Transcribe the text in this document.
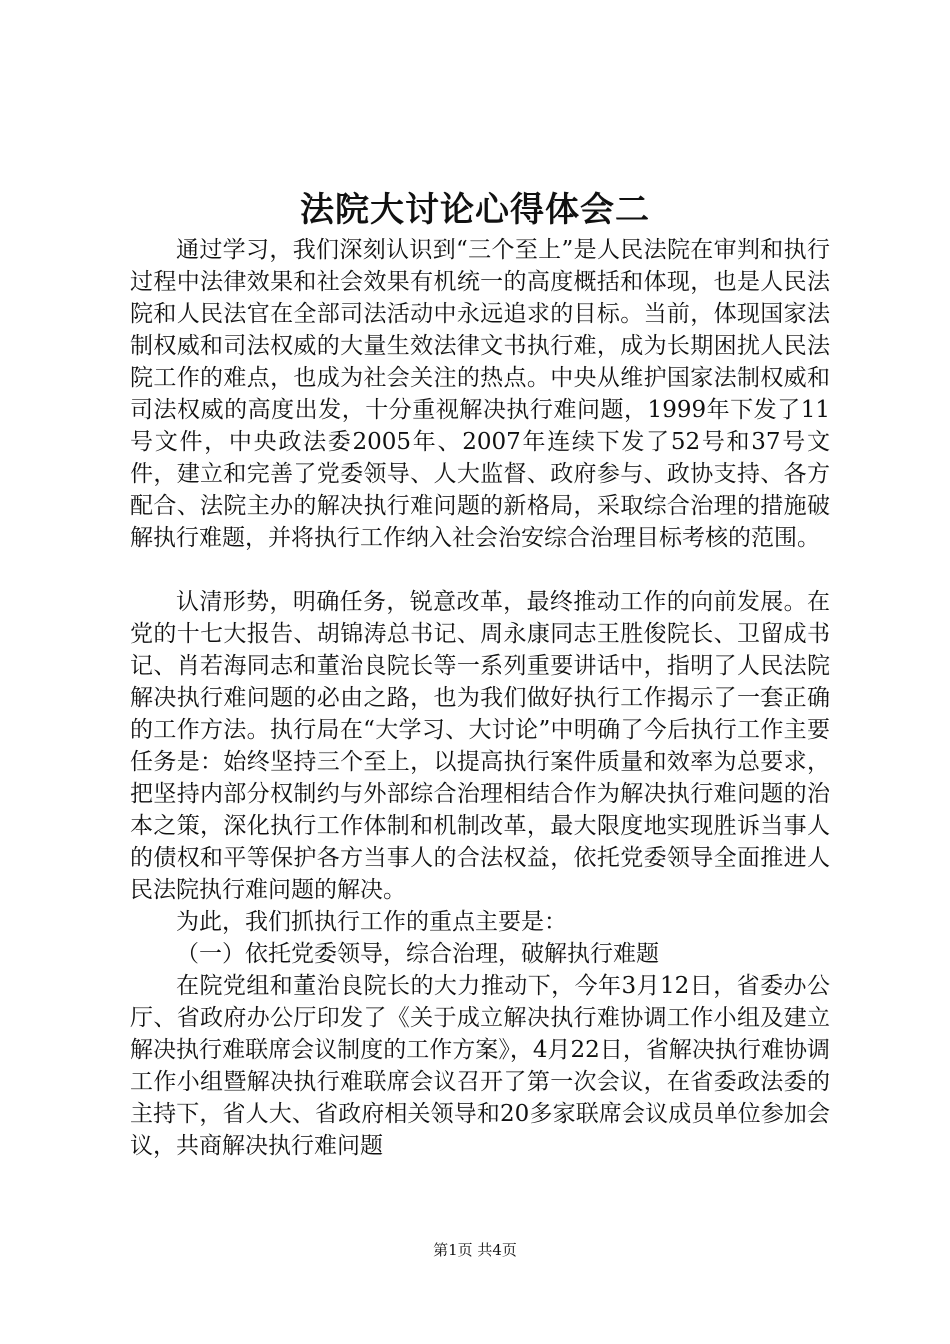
法院大讨论心得体会二

通过学习，我们深刻认识到“三个至上”是人民法院在审判和执行过程中法律效果和社会效果有机统一的高度概括和体现，也是人民法院和人民法官在全部司法活动中永远追求的目标。当前，体现国家法制权威和司法权威的大量生效法律文书执行难，成为长期困扰人民法院工作的难点，也成为社会关注的热点。中央从维护国家法制权威和司法权威的高度出发，十分重视解决执行难问题，1999年下发了11号文件，中央政法委2005年、2007年连续下发了52号和37号文件，建立和完善了党委领导、人大监督、政府参与、政协支持、各方配合、法院主办的解决执行难问题的新格局，采取综合治理的措施破解执行难题，并将执行工作纳入社会治安综合治理目标考核的范围。

认清形势，明确任务，锐意改革，最终推动工作的向前发展。在党的十七大报告、胡锦涛总书记、周永康同志王胜俊院长、卫留成书记、肖若海同志和董治良院长等一系列重要讲话中，指明了人民法院解决执行难问题的必由之路，也为我们做好执行工作揭示了一套正确的工作方法。执行局在“大学习、大讨论”中明确了今后执行工作主要任务是：始终坚持三个至上，以提高执行案件质量和效率为总要求，把坚持内部分权制约与外部综合治理相结合作为解决执行难问题的治本之策，深化执行工作体制和机制改革，最大限度地实现胜诉当事人的债权和平等保护各方当事人的合法权益，依托党委领导全面推进人民法院执行难问题的解决。

为此，我们抓执行工作的重点主要是：

（一）依托党委领导，综合治理，破解执行难题

在院党组和董治良院长的大力推动下，今年3月12日，省委办公厅、省政府办公厅印发了《关于成立解决执行难协调工作小组及建立解决执行难联席会议制度的工作方案》，4月22日，省解决执行难协调工作小组暨解决执行难联席会议召开了第一次会议，在省委政法委的主持下，省人大、省政府相关领导和20多家联席会议成员单位参加会议，共商解决执行难问题

第1页 共4页
